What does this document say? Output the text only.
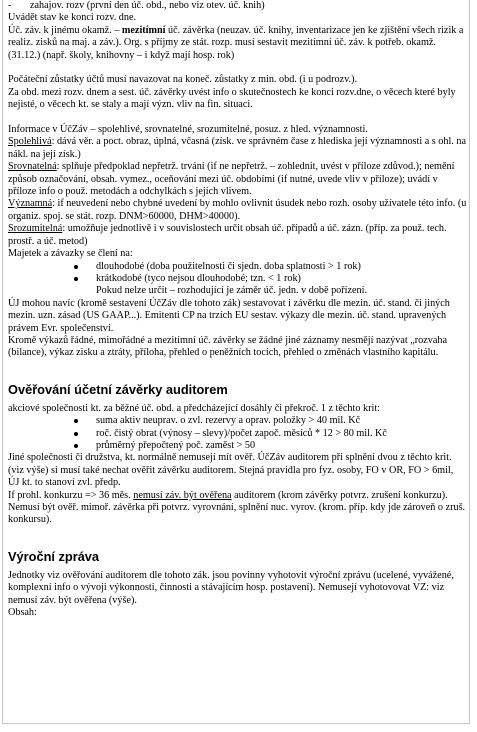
- zahajov. rozv (první den úč. obd., nebo viz otev. úč. knih)

Uvádět stav ke konci rozv. dne.

Úč. záv. k jinému okamž. – mezitímní úč. závěrka (neuzav. úč. knihy, inventarizace jen ke zjištění všech rizik a realiz. zisků na maj. a záv.). Org. s příjmy ze stát. rozp. musí sestavit mezitímní úč. záv. k potřeb. okamž. (31.12.) (např. školy, knihovny – i když mají hosp. rok)

Počáteční zůstatky účtů musí navazovat na koneč. zůstatky z min. obd. (i u podrozv.).

Za obd. mezi rozv. dnem a sest. úč. závěrky uvést info o skutečnostech ke konci rozv.dne, o věcech které byly nejisté, o věcech kt. se staly a mají význ. vliv na fin. situaci.

Informace v ÚčZáv – spolehlivé, srovnatelné, srozumitelné, posuz. z hled. významnosti.

Spolehlivá: dává věr. a poct. obraz, úplná, včasná (získ. ve správném čase z hlediska její významnosti a s ohl. na nákl. na její získ.)

Srovnatelná: splňuje předpoklad nepřetrž. trvání (if ne nepřetrž. – zohlednit, uvést v příloze zdůvod.); nemění způsob označování, obsah. vymez., oceňování mezi úč. obdobími (if nutné, uvede vliv v příloze); uvádí v příloze info o použ. metodách a odchylkách s jejich vlivem.

Významná: if neuvedení nebo chybné uvedení by mohlo ovlivnit úsudek nebo rozh. osoby užívatele této info. (u organiz. spoj. se stát. rozp. DNM>60000, DHM>40000).

Srozumitelná: umožňuje jednotlivě i v souvislostech určit obsah úč. případů a úč. zázn. (příp. za použ. tech. prostř. a úč. metod)

Majetek a závazky se člení na:

dlouhodobé (doba použitelnosti či sjedn. doba splatnosti > 1 rok)
krátkodobé (tyco nejsou dlouhodobé; tzn. < 1 rok)

Pokud nelze určit – rozhodující je záměr úč. jedn. v době pořízení.

ÚJ mohou navíc (kromě sestavení ÚčZáv dle tohoto zák) sestavovat i závěrku dle mezin. úč. stand. či jiných mezin. uzn. zásad (US GAAP...). Emitenti CP na trzích EU sestav. výkazy dle mezin. úč. stand. upravených právem Evr. společenství.

Kromě výkazů řádné, mimořádné a mezitímní úč. závěrky se žádné jiné záznamy nesmějí nazývat „rozvaha (bilance), výkaz zisku a ztráty, příloha, přehled o peněžních tocích, přehled o změnách vlastního kapitálu.

Ověřování účetní závěrky auditorem

akciové společnosti kt. za běžné úč. obd. a předcházející dosáhly či překroč. 1 z těchto krit:

suma aktiv neuprav. o zvl. rezervy a oprav. položky > 40 mil. Kč
roč. čistý obrat (výnosy – slevy)/počet započ. měsíců * 12 > 80 mil. Kč
průměrný přepočtený poč. zaměst > 50

Jiné společnosti či družstva, kt. normálně nemusejí mít ověř. ÚčZáv auditorem při splnění dvou z těchto krit. (viz výše) si musí také nechat ověřit závěrku auditorem. Stejná pravidla pro fyz. osoby, FO v OR, FO > 6mil, ÚJ kt. to stanoví zvl. předp.

If prohl. konkurzu => 36 měs. nemusí záv. být ověřena auditorem (krom závěrky potvrz. zrušení konkurzu). Nemusí být ověř. mimoř. závěrka při potvrz. vyrovnání, splnění nuc. vyrov. (krom. příp. kdy jde zároveň o zruš. konkursu).

Výroční zpráva

Jednotky viz ověřování auditorem dle tohoto zák. jsou povinny vyhotovit výroční zprávu (ucelené, vyvážené, komplexní info o vývoji výkonnosti, činnosti a stávajícím hosp. postavení). Nemusejí vyhotovovat VZ: viz nemusí záv. být ověřena (výše).

Obsah:
